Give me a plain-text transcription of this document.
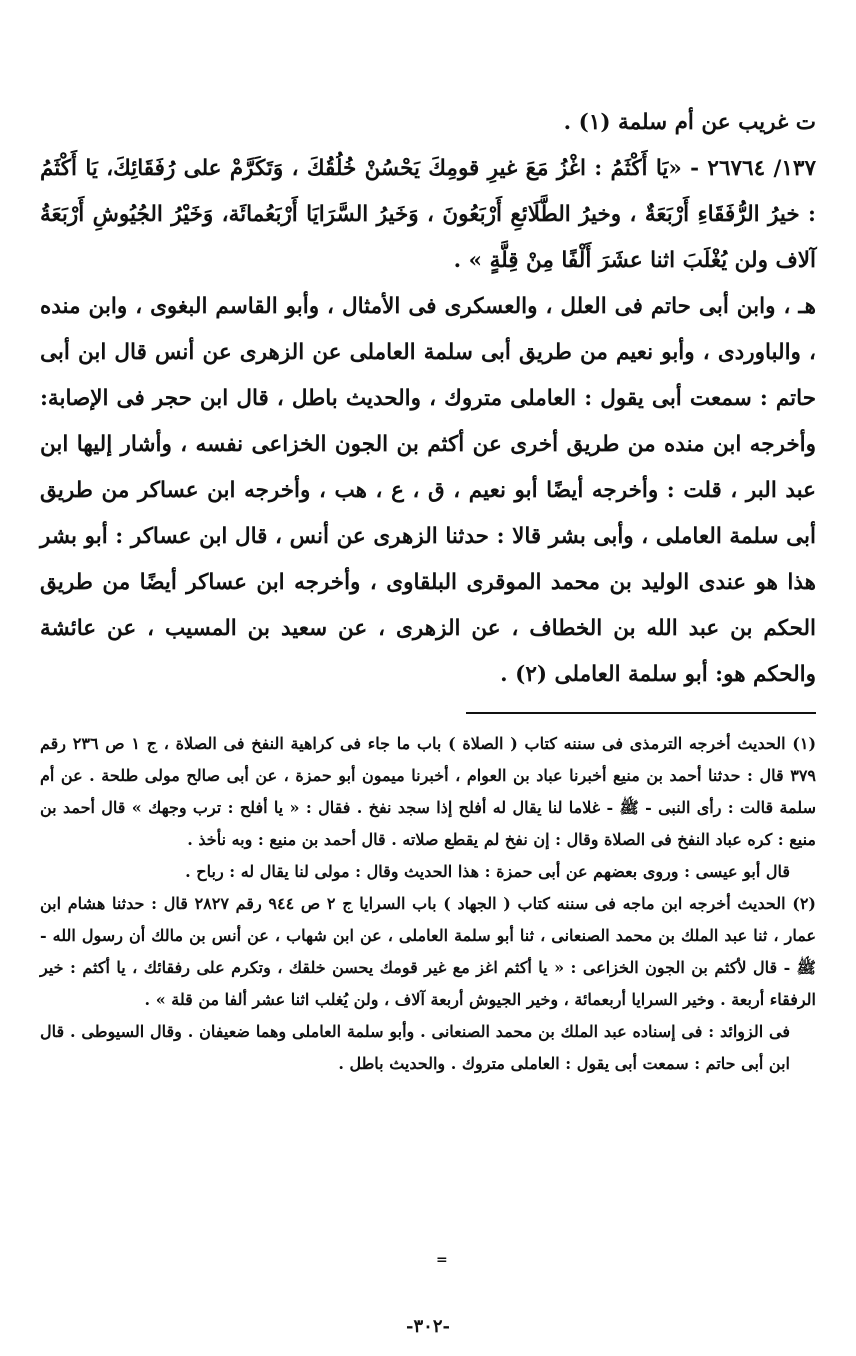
ت غريب عن أم سلمة (١) .

١٣٧/ ٢٦٧٦٤ - «يَا أَكْثَمُ : اغْزُ مَعَ غيرِ قومِكَ يَحْسُنْ خُلُقُكَ ، وَتَكَرَّمْ على رُفَقَائِكَ، يَا أَكْثَمُ : خيرُ الرُّفَقَاءِ أَرْبَعَةٌ ، وخيرُ الطَّلَائعِ أَرْبَعُونَ ، وَخَيرُ السَّرَايَا أَرْبَعُمائَة، وَخَيْرُ الجُيُوشِ أَرْبَعَةُ آلاف ولن يُغْلَبَ اثنا عشَرَ أَلْفًا مِنْ قِلَّةٍ » .

هـ ، وابن أبى حاتم فى العلل ، والعسكرى فى الأمثال ، وأبو القاسم البغوى ، وابن منده ، والباوردى ، وأبو نعيم من طريق أبى سلمة العاملى عن الزهرى عن أنس قال ابن أبى حاتم : سمعت أبى يقول : العاملى متروك ، والحديث باطل ، قال ابن حجر فى الإصابة: وأخرجه ابن منده من طريق أخرى عن أكثم بن الجون الخزاعى نفسه ، وأشار إليها ابن عبد البر ، قلت : وأخرجه أيضًا أبو نعيم ، ق ، ع ، هب ، وأخرجه ابن عساكر من طريق أبى سلمة العاملى ، وأبى بشر قالا : حدثنا الزهرى عن أنس ، قال ابن عساكر : أبو بشر هذا هو عندى الوليد بن محمد الموقرى البلقاوى ، وأخرجه ابن عساكر أيضًا من طريق الحكم بن عبد الله بن الخطاف ، عن الزهرى ، عن سعيد بن المسيب ، عن عائشة والحكم هو: أبو سلمة العاملى (٢) .

(١) الحديث أخرجه الترمذى فى سننه كتاب ( الصلاة ) باب ما جاء فى كراهية النفخ فى الصلاة ، ج ١ ص ٢٣٦ رقم ٣٧٩ قال : حدثنا أحمد بن منيع أخبرنا عباد بن العوام ، أخبرنا ميمون أبو حمزة ، عن أبى صالح مولى طلحة . عن أم سلمة قالت : رأى النبى - ﷺ - غلاما لنا يقال له أفلح إذا سجد نفخ . فقال : « يا أفلح : ترب وجهك » قال أحمد بن منيع : كره عباد النفخ فى الصلاة وقال : إن نفخ لم يقطع صلاته . قال أحمد بن منيع : وبه نأخذ .

قال أبو عيسى : وروى بعضهم عن أبى حمزة : هذا الحديث وقال : مولى لنا يقال له : رباح .

(٢) الحديث أخرجه ابن ماجه فى سننه كتاب ( الجهاد ) باب السرايا ج ٢ ص ٩٤٤ رقم ٢٨٢٧ قال : حدثنا هشام ابن عمار ، ثنا عبد الملك بن محمد الصنعانى ، ثنا أبو سلمة العاملى ، عن ابن شهاب ، عن أنس بن مالك أن رسول الله - ﷺ - قال لأكثم بن الجون الخزاعى : « يا أكثم اغز مع غير قومك يحسن خلقك ، وتكرم على رفقائك ، يا أكثم : خير الرفقاء أربعة . وخير السرايا أربعمائة ، وخير الجيوش أربعة آلاف ، ولن يُغلب اثنا عشر ألفا من قلة » .

فى الزوائد : فى إسناده عبد الملك بن محمد الصنعانى . وأبو سلمة العاملى وهما ضعيفان . وقال السيوطى . قال ابن أبى حاتم : سمعت أبى يقول : العاملى متروك . والحديث باطل .

=
-٣٠٢-
